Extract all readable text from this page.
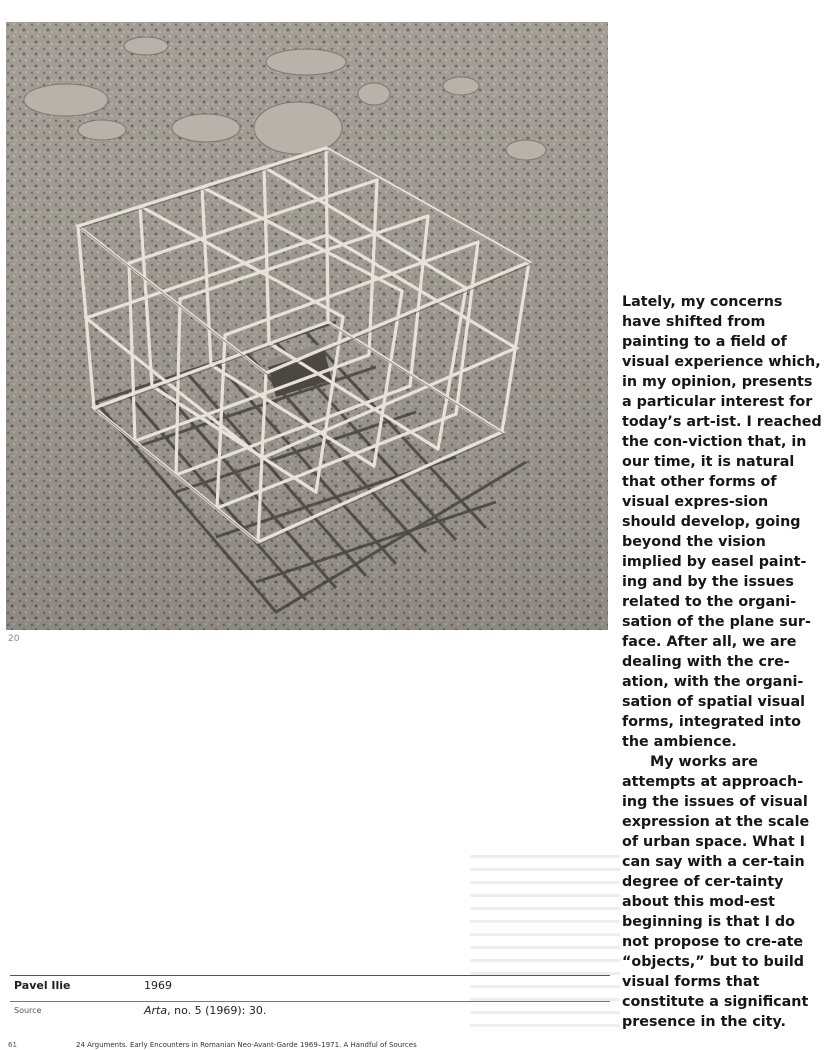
20

Lately, my concerns have shifted from painting to a field of visual experience which, in my opinion, presents a particular interest for today’s art-ist. I reached the con-viction that, in our time, it is natural that other forms of visual expres-sion should develop, going beyond the vision implied by easel paint-ing and by the issues related to the organi-sation of the plane sur-face. After all, we are dealing with the cre-ation, with the organi-sation of spatial visual forms, integrated into the ambience.

My works are attempts at approach-ing the issues of visual expression at the scale of urban space. What I can say with a cer-tain degree of cer-tainty about this mod-est beginning is that I do not propose to cre-ate “objects,” but to build visual forms that constitute a significant presence in the city.

Pavel Ilie	1969
Source	Arta, no. 5 (1969): 30.
61	24 Arguments. Early Encounters in Romanian Neo-Avant-Garde 1969–1971. A Handful of Sources
